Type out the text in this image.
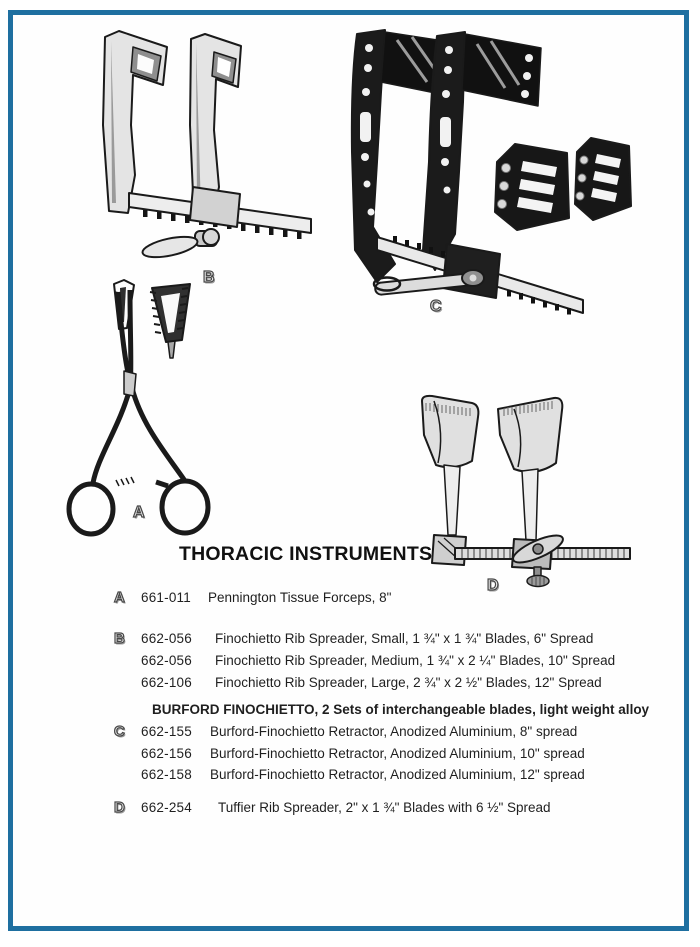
B
C
A
D
THORACIC INSTRUMENTS
A 661-011 Pennington Tissue Forceps, 8"
B 662-056 Finochietto Rib Spreader, Small, 1 ¾" x 1 ¾" Blades, 6" Spread
662-056 Finochietto Rib Spreader, Medium, 1 ¾" x 2 ¼" Blades, 10" Spread
662-106 Finochietto Rib Spreader, Large, 2 ¾" x 2 ½" Blades, 12" Spread
BURFORD FINOCHIETTO, 2 Sets of interchangeable blades, light weight alloy
C 662-155 Burford-Finochietto Retractor, Anodized Aluminium, 8" spread
662-156 Burford-Finochietto Retractor, Anodized Aluminium, 10" spread
662-158 Burford-Finochietto Retractor, Anodized Aluminium, 12" spread
D 662-254 Tuffier Rib Spreader, 2" x 1 ¾" Blades with 6 ½" Spread
